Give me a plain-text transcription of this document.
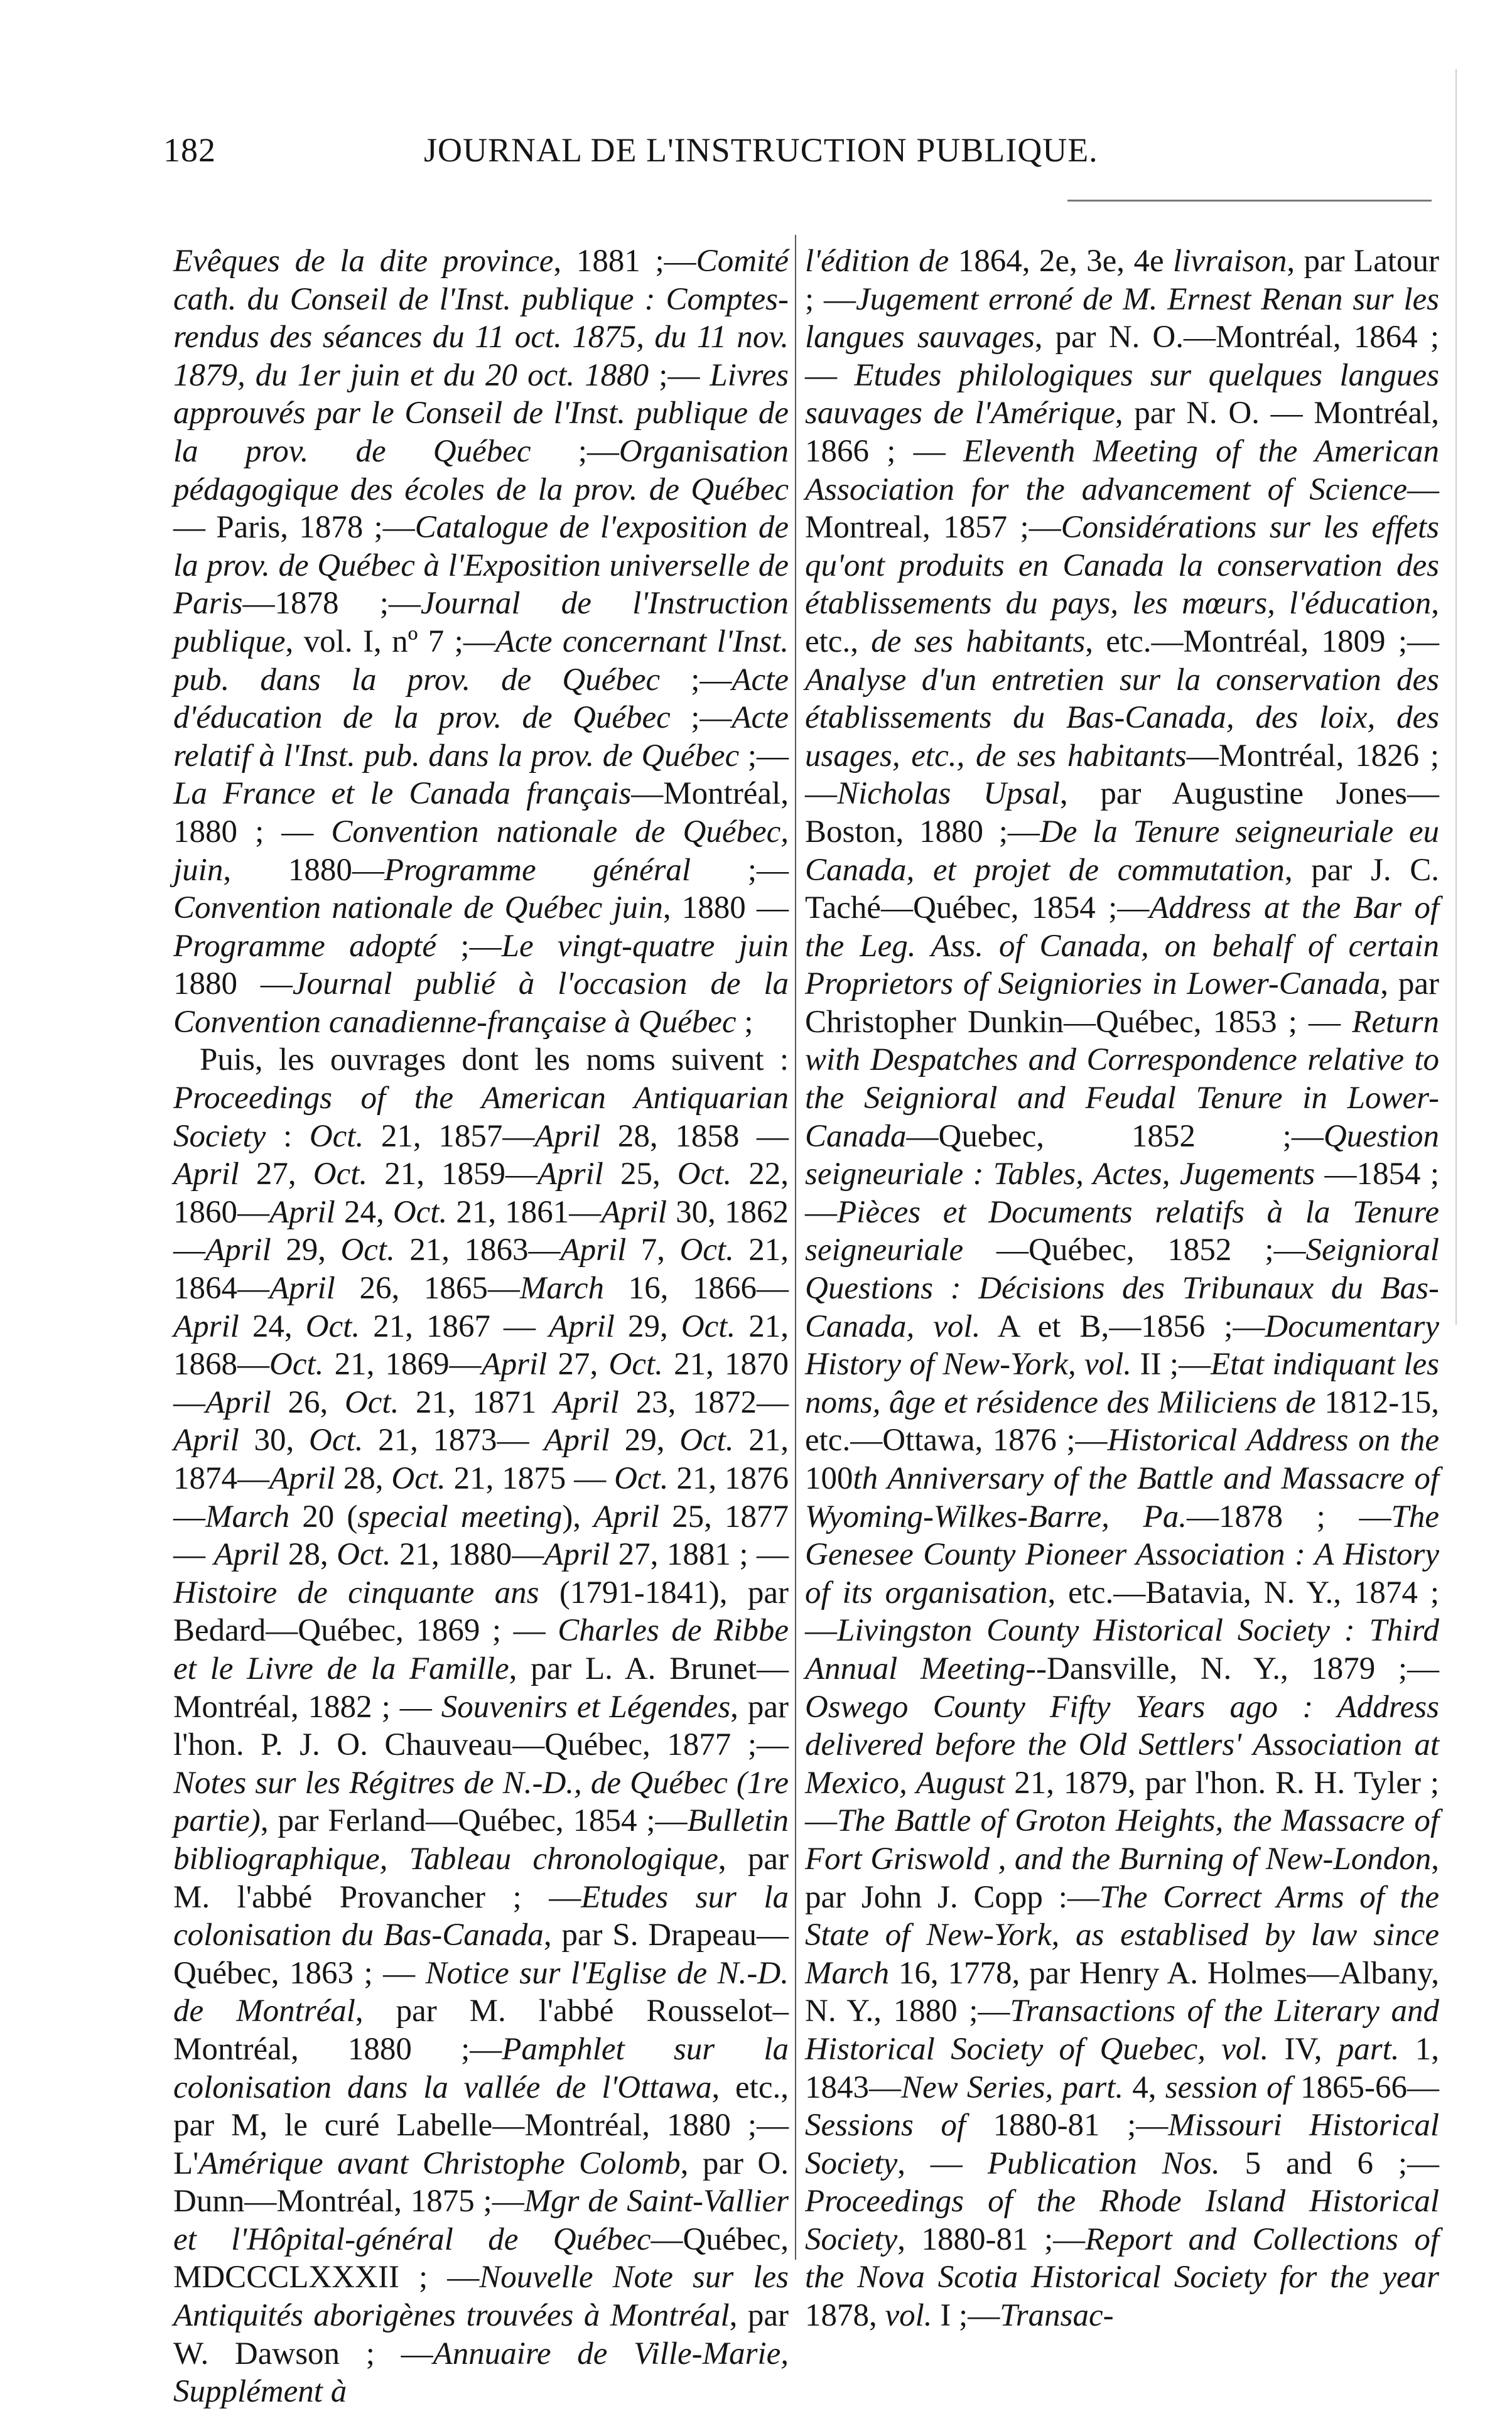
182	JOURNAL DE L'INSTRUCTION PUBLIQUE.

Evêques de la dite province, 1881 ;—Comité cath. du Conseil de l'Inst. publique : Comptes-rendus des séances du 11 oct. 1875, du 11 nov. 1879, du 1er juin et du 20 oct. 1880 ;— Livres approuvés par le Conseil de l'Inst. publique de la prov. de Québec ;—Organisation pédagogique des écoles de la prov. de Québec— Paris, 1878 ;—Catalogue de l'exposition de la prov. de Québec à l'Exposition universelle de Paris—1878 ;—Journal de l'Instruction publique, vol. I, nº 7 ;—Acte concernant l'Inst. pub. dans la prov. de Québec ;—Acte d'éducation de la prov. de Québec ;—Acte relatif à l'Inst. pub. dans la prov. de Québec ;— La France et le Canada français—Montréal, 1880 ; — Convention nationale de Québec, juin, 1880—Programme général ;—Convention nationale de Québec juin, 1880 — Programme adopté ;—Le vingt-quatre juin 1880 —Journal publié à l'occasion de la Convention canadienne-française à Québec ;

Puis, les ouvrages dont les noms suivent : Proceedings of the American Antiquarian Society : Oct. 21, 1857—April 28, 1858 —April 27, Oct. 21, 1859—April 25, Oct. 22, 1860—April 24, Oct. 21, 1861—April 30, 1862—April 29, Oct. 21, 1863—April 7, Oct. 21, 1864—April 26, 1865—March 16, 1866—April 24, Oct. 21, 1867 — April 29, Oct. 21, 1868—Oct. 21, 1869—April 27, Oct. 21, 1870—April 26, Oct. 21, 1871 April 23, 1872—April 30, Oct. 21, 1873— April 29, Oct. 21, 1874—April 28, Oct. 21, 1875 — Oct. 21, 1876—March 20 (special meeting), April 25, 1877 — April 28, Oct. 21, 1880—April 27, 1881 ; — Histoire de cinquante ans (1791-1841), par Bedard—Québec, 1869 ; — Charles de Ribbe et le Livre de la Famille, par L. A. Brunet—Montréal, 1882 ; — Souvenirs et Légendes, par l'hon. P. J. O. Chauveau—Québec, 1877 ;—Notes sur les Régitres de N.-D., de Québec (1re partie), par Ferland—Québec, 1854 ;—Bulletin bibliographique, Tableau chronologique, par M. l'abbé Provancher ; —Etudes sur la colonisation du Bas-Canada, par S. Drapeau—Québec, 1863 ; — Notice sur l'Eglise de N.-D. de Montréal, par M. l'abbé Rousselot–Montréal, 1880 ;—Pamphlet sur la colonisation dans la vallée de l'Ottawa, etc., par M, le curé Labelle—Montréal, 1880 ;—L'Amérique avant Christophe Colomb, par O. Dunn—Montréal, 1875 ;—Mgr de Saint-Vallier et l'Hôpital-général de Québec—Québec, MDCCCLXXXII ; —Nouvelle Note sur les Antiquités aborigènes trouvées à Montréal, par W. Dawson ; —Annuaire de Ville-Marie, Supplément à

l'édition de 1864, 2e, 3e, 4e livraison, par Latour ; —Jugement erroné de M. Ernest Renan sur les langues sauvages, par N. O.—Montréal, 1864 ; — Etudes philologiques sur quelques langues sauvages de l'Amérique, par N. O. — Montréal, 1866 ; — Eleventh Meeting of the American Association for the advancement of Science—Montreal, 1857 ;—Considérations sur les effets qu'ont produits en Canada la conservation des établissements du pays, les mœurs, l'éducation, etc., de ses habitants, etc.—Montréal, 1809 ;—Analyse d'un entretien sur la conservation des établissements du Bas-Canada, des loix, des usages, etc., de ses habitants—Montréal, 1826 ;—Nicholas Upsal, par Augustine Jones—Boston, 1880 ;—De la Tenure seigneuriale eu Canada, et projet de commutation, par J. C. Taché—Québec, 1854 ;—Address at the Bar of the Leg. Ass. of Canada, on behalf of certain Proprietors of Seigniories in Lower-Canada, par Christopher Dunkin—Québec, 1853 ; — Return with Despatches and Correspondence relative to the Seignioral and Feudal Tenure in Lower-Canada—Quebec, 1852 ;—Question seigneuriale : Tables, Actes, Jugements —1854 ;—Pièces et Documents relatifs à la Tenure seigneuriale —Québec, 1852 ;—Seignioral Questions : Décisions des Tribunaux du Bas-Canada, vol. A et B,—1856 ;—Documentary History of New-York, vol. II ;—Etat indiquant les noms, âge et résidence des Miliciens de 1812-15, etc.—Ottawa, 1876 ;—Historical Address on the 100th Anniversary of the Battle and Massacre of Wyoming-Wilkes-Barre, Pa.—1878 ; —The Genesee County Pioneer Association : A History of its organisation, etc.—Batavia, N. Y., 1874 ;—Livingston County Historical Society : Third Annual Meeting--Dansville, N. Y., 1879 ;—Oswego County Fifty Years ago : Address delivered before the Old Settlers' Association at Mexico, August 21, 1879, par l'hon. R. H. Tyler ;—The Battle of Groton Heights, the Massacre of Fort Griswold , and the Burning of New-London, par John J. Copp :—The Correct Arms of the State of New-York, as establised by law since March 16, 1778, par Henry A. Holmes—Albany, N. Y., 1880 ;—Transactions of the Literary and Historical Society of Quebec, vol. IV, part. 1, 1843—New Series, part. 4, session of 1865-66—Sessions of 1880-81 ;—Missouri Historical Society, — Publication Nos. 5 and 6 ;—Proceedings of the Rhode Island Historical Society, 1880-81 ;—Report and Collections of the Nova Scotia Historical Society for the year 1878, vol. I ;—Transac-
